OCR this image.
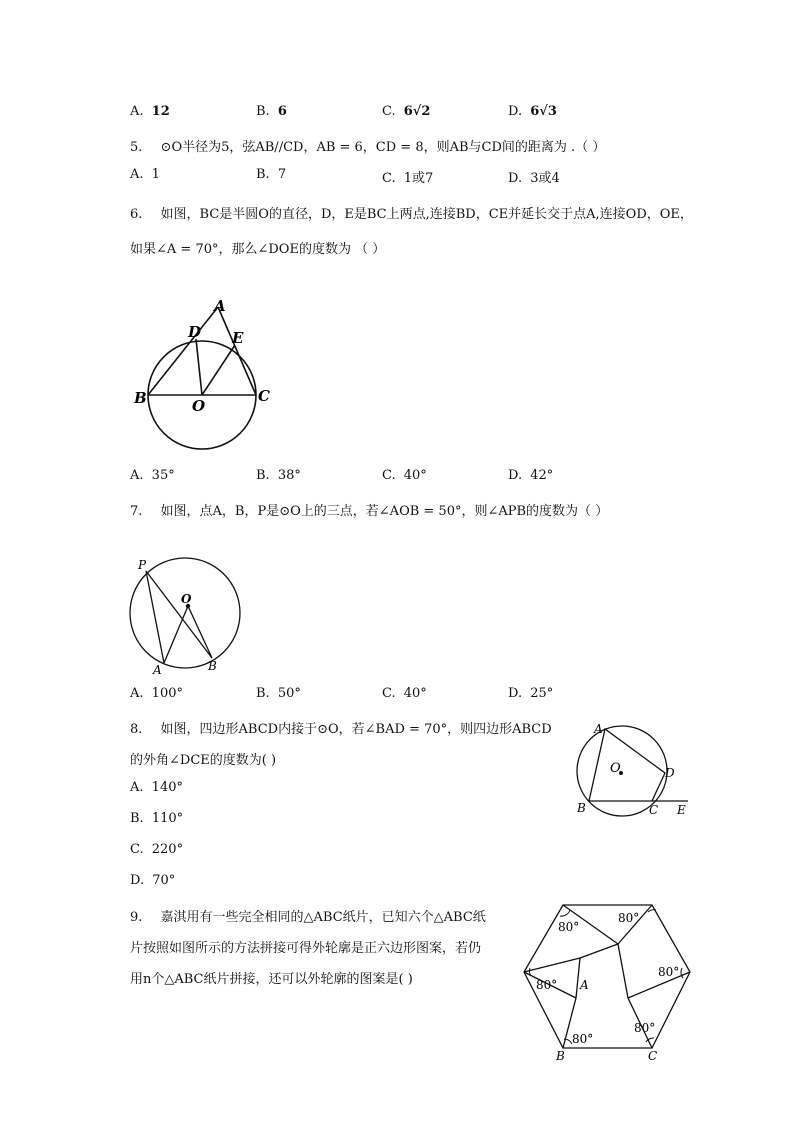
A. 12	B. 6	C. 6√2	D. 6√3
5. ⊙O半径为5，弦AB//CD，AB = 6，CD = 8，则AB与CD间的距离为 .（ ）
A. 1	B. 7	C. 1或7	D. 3或4
6. 如图，BC是半圆O的直径，D，E是BC上两点,连接BD，CE并延长交于点A,连接OD，OE，
如果∠A = 70°，那么∠DOE的度数为 （ ）
A
D E
B	O
C
A. 35°	B. 38°	C. 40°	D. 42°
7. 如图，点A，B，P是⊙O上的三点，若∠AOB = 50°，则∠APB的度数为（ ）
P
O
A	B
A. 100°	B. 50°	C. 40°	D. 25°
8. 如图，四边形ABCD内接于⊙O，若∠BAD = 70°，则四边形ABCD
的外角∠DCE的度数为( )
A
O	D
B	C E
A. 140°
B. 110°
C. 220°
D. 70°
9. 嘉淇用有一些完全相同的△ABC纸片，已知六个△ABC纸
片按照如图所示的方法拼接可得外轮廓是正六边形图案，若仍
用n个△ABC纸片拼接，还可以外轮廓的图案是( )
80°
80°
80°
80°
80°
80° A
B	C
